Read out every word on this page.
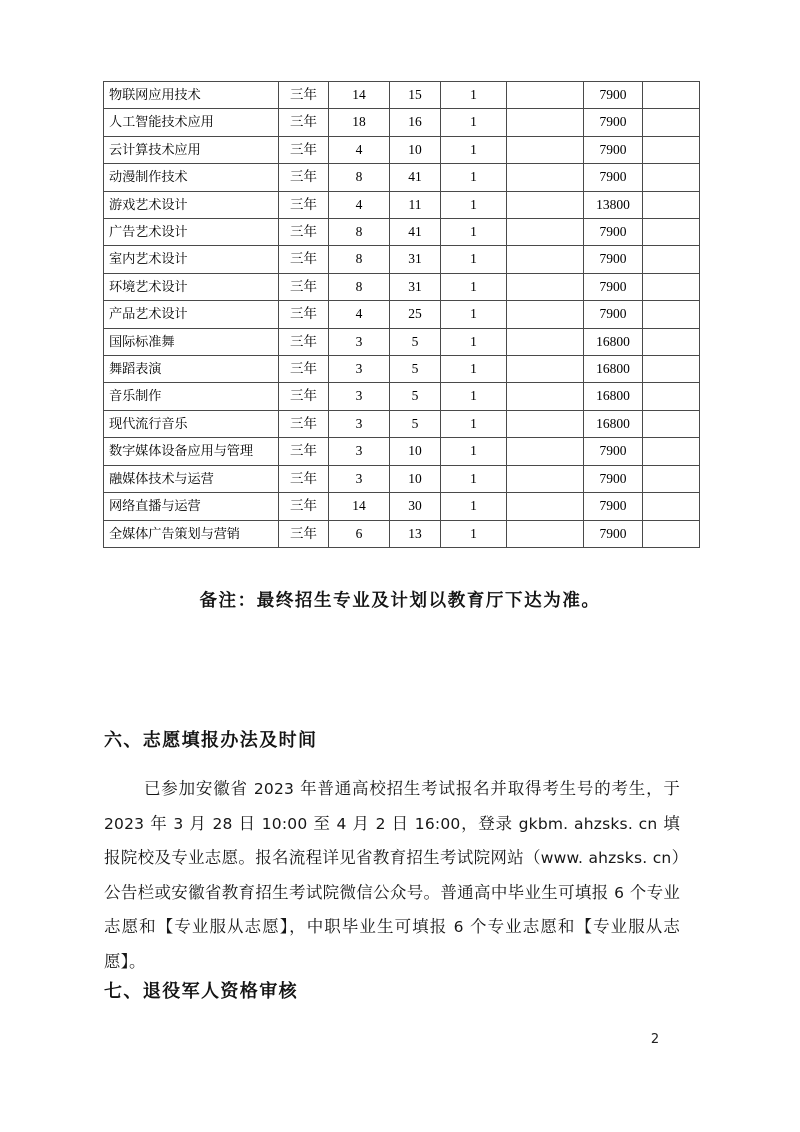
物联网应用技术	三年	14	15	1		7900	
人工智能技术应用	三年	18	16	1		7900	
云计算技术应用	三年	4	10	1		7900	
动漫制作技术	三年	8	41	1		7900	
游戏艺术设计	三年	4	11	1		13800	
广告艺术设计	三年	8	41	1		7900	
室内艺术设计	三年	8	31	1		7900	
环境艺术设计	三年	8	31	1		7900	
产品艺术设计	三年	4	25	1		7900	
国际标准舞	三年	3	5	1		16800	
舞蹈表演	三年	3	5	1		16800	
音乐制作	三年	3	5	1		16800	
现代流行音乐	三年	3	5	1		16800	
数字媒体设备应用与管理	三年	3	10	1		7900	
融媒体技术与运营	三年	3	10	1		7900	
网络直播与运营	三年	14	30	1		7900	
全媒体广告策划与营销	三年	6	13	1		7900	
备注：最终招生专业及计划以教育厅下达为准。
六、志愿填报办法及时间
已参加安徽省 2023 年普通高校招生考试报名并取得考生号的考生，于 2023 年 3 月 28 日 10:00 至 4 月 2 日 16:00，登录 gkbm. ahzsks. cn 填报院校及专业志愿。报名流程详见省教育招生考试院网站（www. ahzsks. cn）公告栏或安徽省教育招生考试院微信公众号。普通高中毕业生可填报 6 个专业志愿和【专业服从志愿】，中职毕业生可填报 6 个专业志愿和【专业服从志愿】。
七、退役军人资格审核
2
